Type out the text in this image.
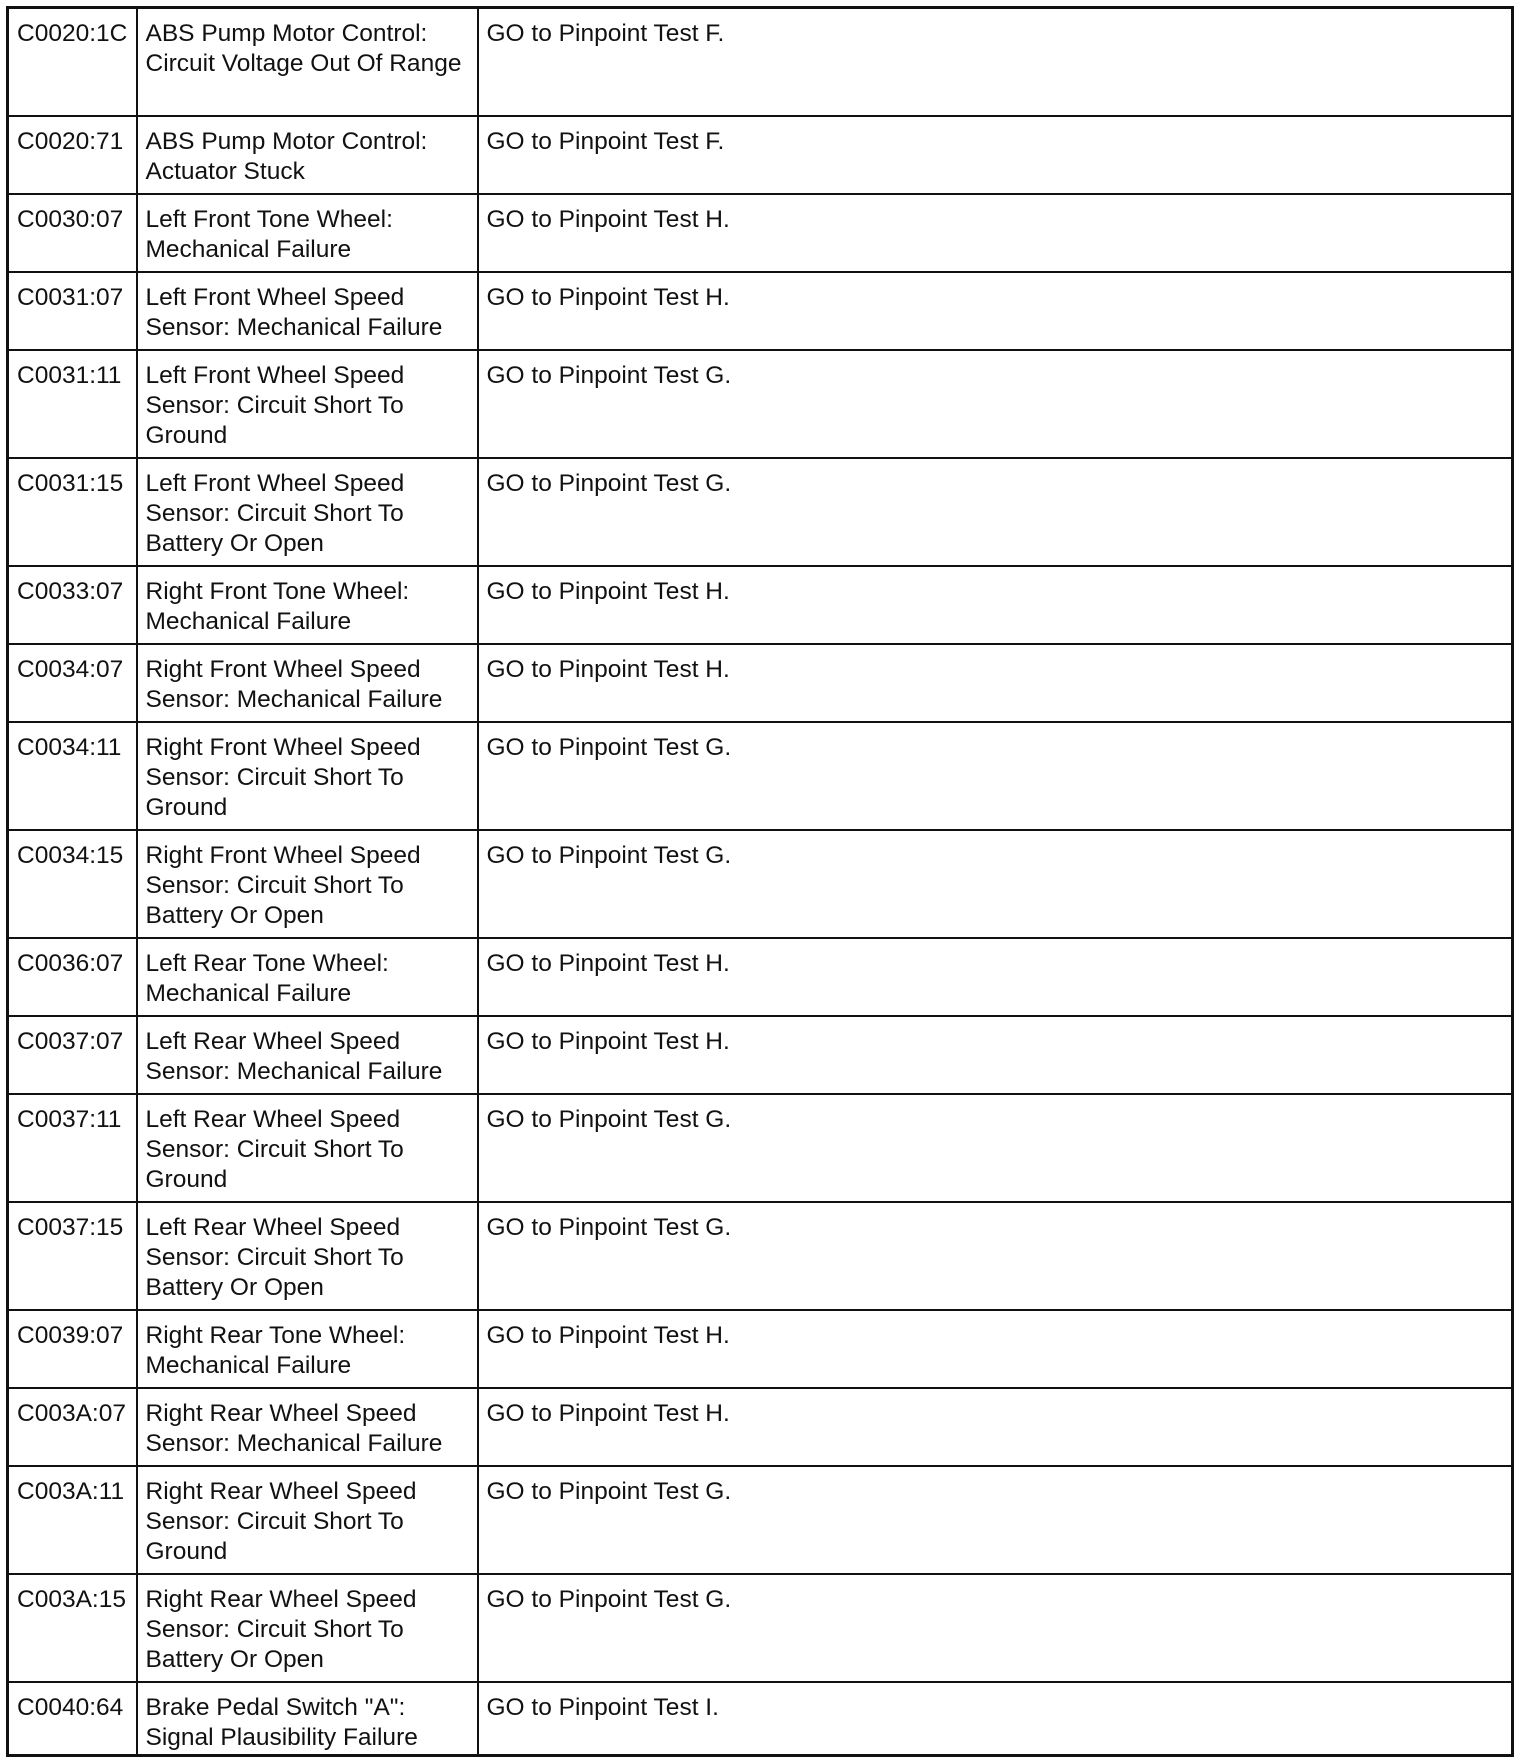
C0020:1C	ABS Pump Motor Control: Circuit Voltage Out Of Range	GO to Pinpoint Test F.
C0020:71	ABS Pump Motor Control: Actuator Stuck	GO to Pinpoint Test F.
C0030:07	Left Front Tone Wheel: Mechanical Failure	GO to Pinpoint Test H.
C0031:07	Left Front Wheel Speed Sensor: Mechanical Failure	GO to Pinpoint Test H.
C0031:11	Left Front Wheel Speed Sensor: Circuit Short To Ground	GO to Pinpoint Test G.
C0031:15	Left Front Wheel Speed Sensor: Circuit Short To Battery Or Open	GO to Pinpoint Test G.
C0033:07	Right Front Tone Wheel: Mechanical Failure	GO to Pinpoint Test H.
C0034:07	Right Front Wheel Speed Sensor: Mechanical Failure	GO to Pinpoint Test H.
C0034:11	Right Front Wheel Speed Sensor: Circuit Short To Ground	GO to Pinpoint Test G.
C0034:15	Right Front Wheel Speed Sensor: Circuit Short To Battery Or Open	GO to Pinpoint Test G.
C0036:07	Left Rear Tone Wheel: Mechanical Failure	GO to Pinpoint Test H.
C0037:07	Left Rear Wheel Speed Sensor: Mechanical Failure	GO to Pinpoint Test H.
C0037:11	Left Rear Wheel Speed Sensor: Circuit Short To Ground	GO to Pinpoint Test G.
C0037:15	Left Rear Wheel Speed Sensor: Circuit Short To Battery Or Open	GO to Pinpoint Test G.
C0039:07	Right Rear Tone Wheel: Mechanical Failure	GO to Pinpoint Test H.
C003A:07	Right Rear Wheel Speed Sensor: Mechanical Failure	GO to Pinpoint Test H.
C003A:11	Right Rear Wheel Speed Sensor: Circuit Short To Ground	GO to Pinpoint Test G.
C003A:15	Right Rear Wheel Speed Sensor: Circuit Short To Battery Or Open	GO to Pinpoint Test G.
C0040:64	Brake Pedal Switch "A": Signal Plausibility Failure	GO to Pinpoint Test I.
